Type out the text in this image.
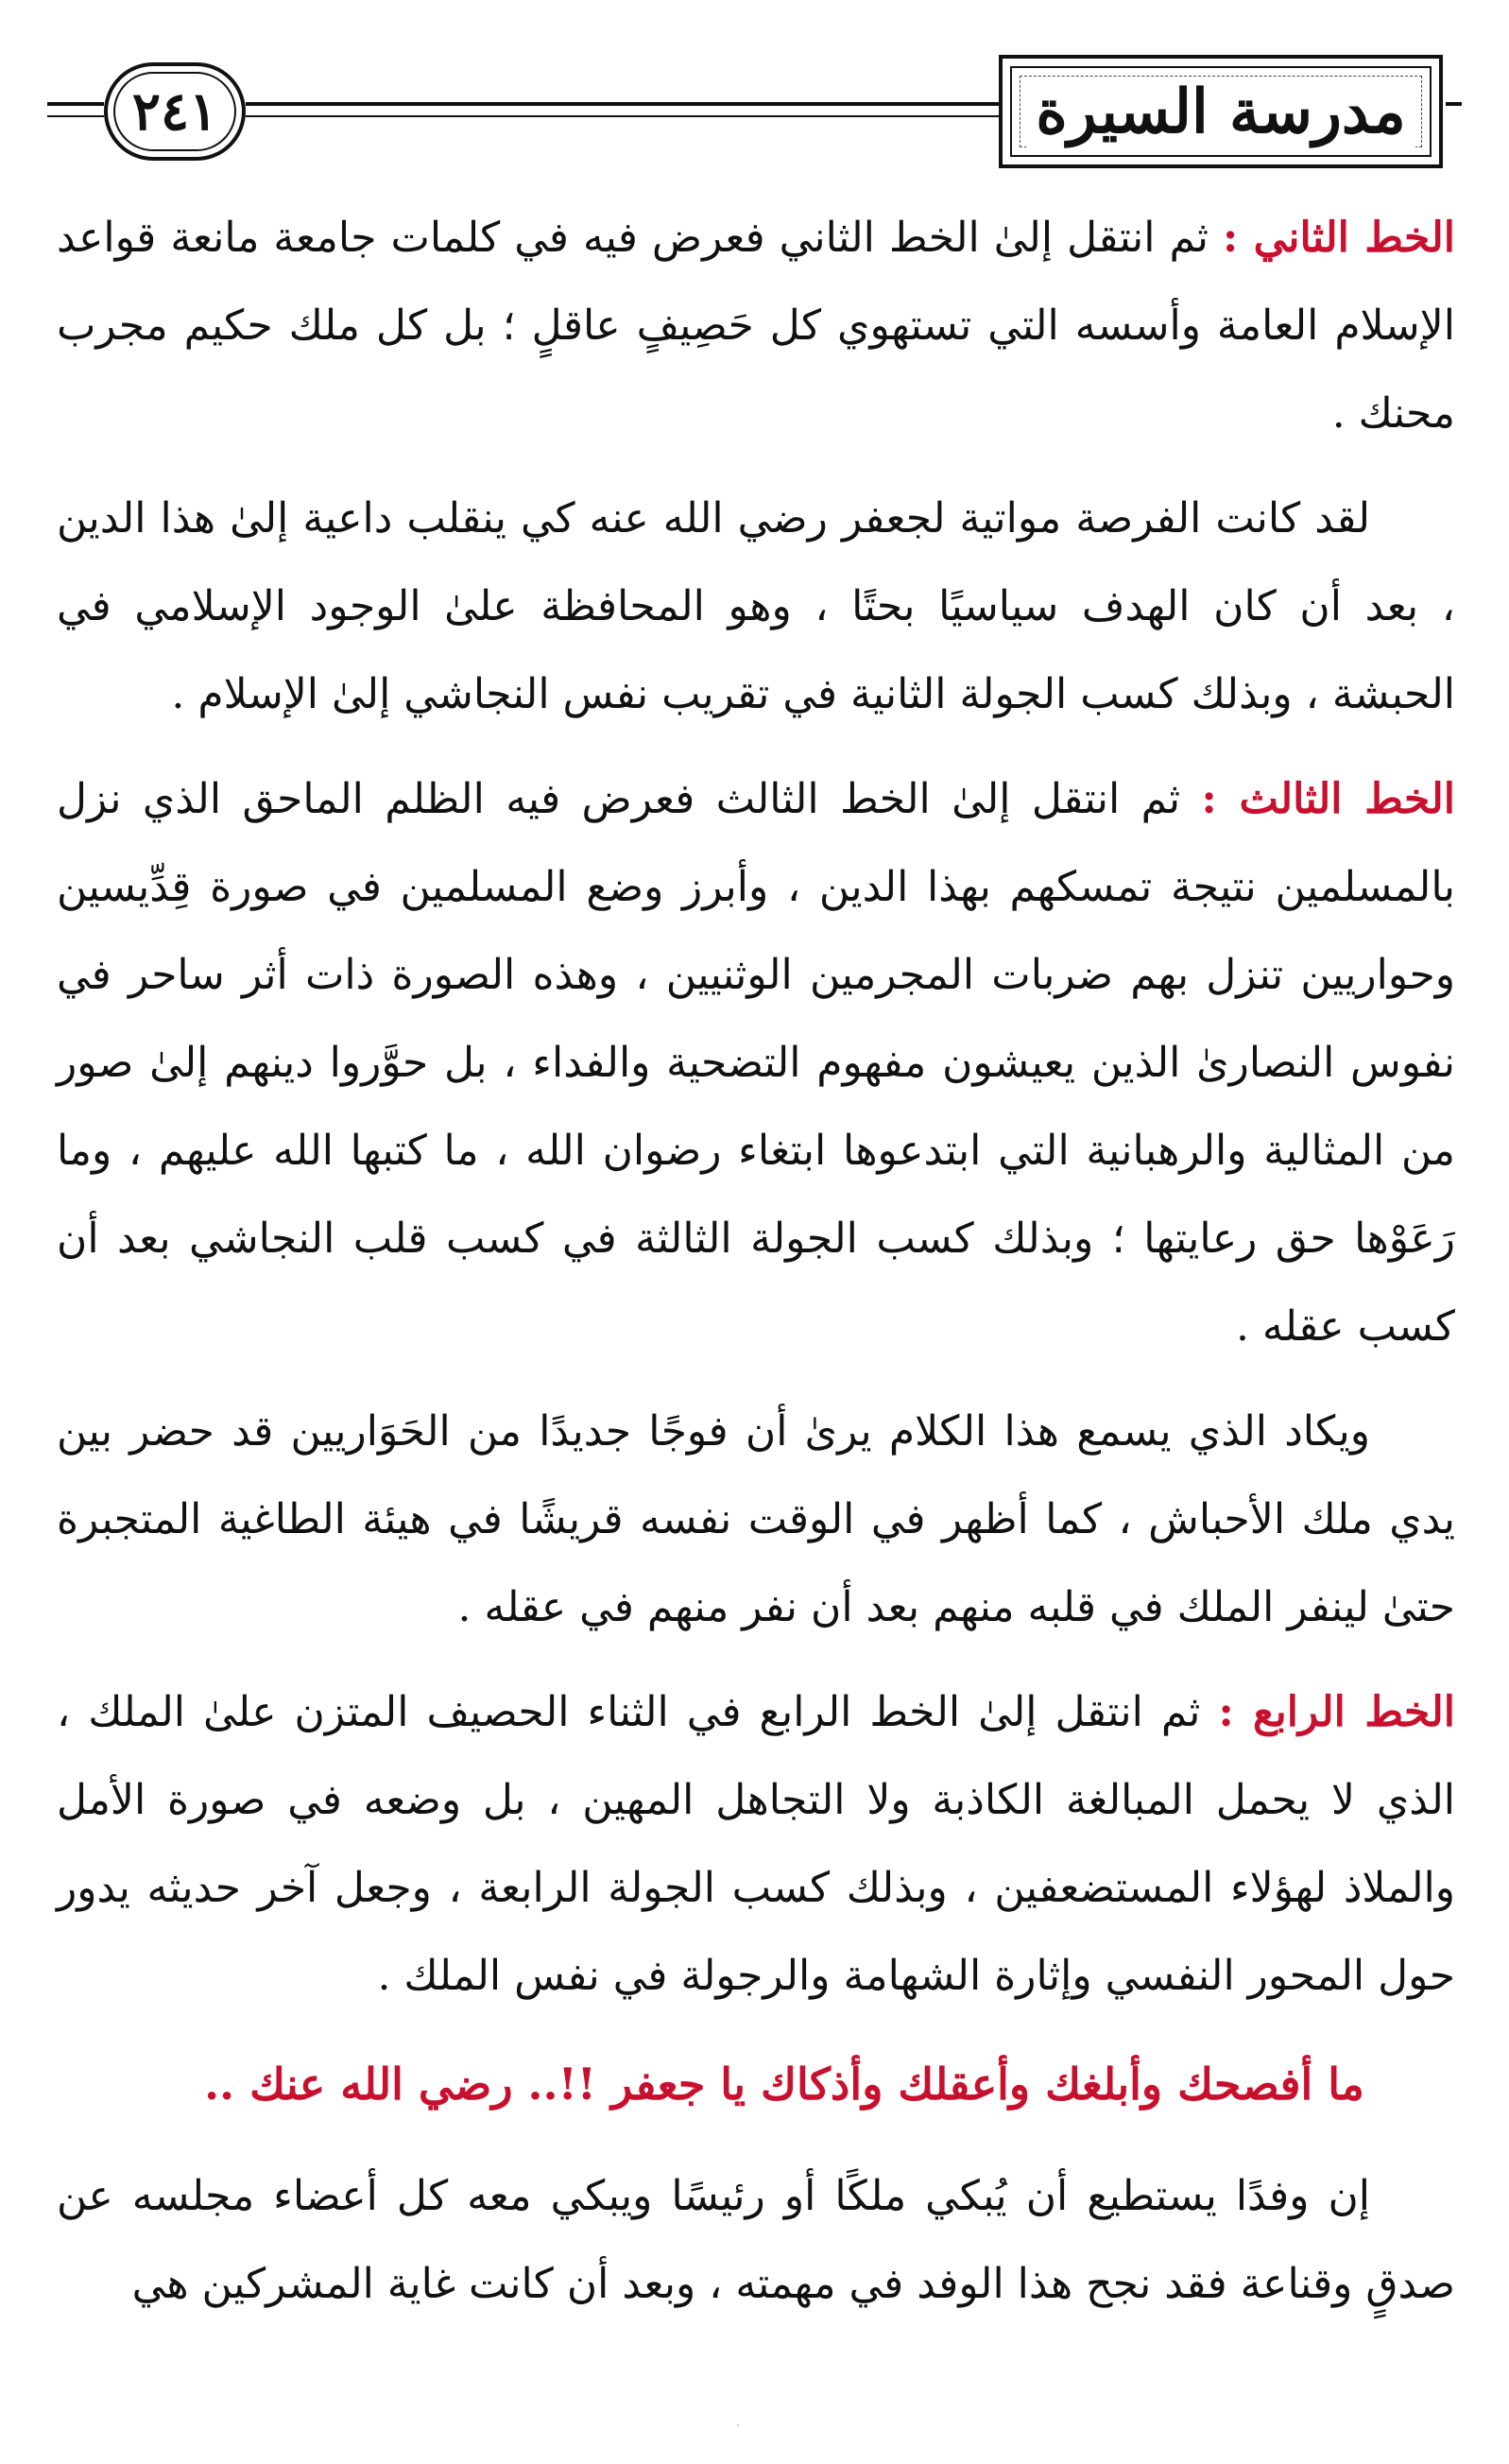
٢٤١	مدرسة السيرة

الخط الثاني : ثم انتقل إلىٰ الخط الثاني فعرض فيه في كلمات جامعة مانعة قواعد الإسلام العامة وأسسه التي تستهوي كل حَصِيفٍ عاقلٍ ؛ بل كل ملك حكيم مجرب محنك .

لقد كانت الفرصة مواتية لجعفر رضي الله عنه كي ينقلب داعية إلىٰ هذا الدين ، بعد أن كان الهدف سياسيًا بحتًا ، وهو المحافظة علىٰ الوجود الإسلامي في الحبشة ، وبذلك كسب الجولة الثانية في تقريب نفس النجاشي إلىٰ الإسلام .

الخط الثالث : ثم انتقل إلىٰ الخط الثالث فعرض فيه الظلم الماحق الذي نزل بالمسلمين نتيجة تمسكهم بهذا الدين ، وأبرز وضع المسلمين في صورة قِدِّيسين وحواريين تنزل بهم ضربات المجرمين الوثنيين ، وهذه الصورة ذات أثر ساحر في نفوس النصارىٰ الذين يعيشون مفهوم التضحية والفداء ، بل حوَّروا دينهم إلىٰ صور من المثالية والرهبانية التي ابتدعوها ابتغاء رضوان الله ، ما كتبها الله عليهم ، وما رَعَوْها حق رعايتها ؛ وبذلك كسب الجولة الثالثة في كسب قلب النجاشي بعد أن كسب عقله .

ويكاد الذي يسمع هذا الكلام يرىٰ أن فوجًا جديدًا من الحَوَاريين قد حضر بين يدي ملك الأحباش ، كما أظهر في الوقت نفسه قريشًا في هيئة الطاغية المتجبرة حتىٰ لينفر الملك في قلبه منهم بعد أن نفر منهم في عقله .

الخط الرابع : ثم انتقل إلىٰ الخط الرابع في الثناء الحصيف المتزن علىٰ الملك ، الذي لا يحمل المبالغة الكاذبة ولا التجاهل المهين ، بل وضعه في صورة الأمل والملاذ لهؤلاء المستضعفين ، وبذلك كسب الجولة الرابعة ، وجعل آخر حديثه يدور حول المحور النفسي وإثارة الشهامة والرجولة في نفس الملك .

ما أفصحك وأبلغك وأعقلك وأذكاك يا جعفر !!.. رضي الله عنك ..

إن وفدًا يستطيع أن يُبكي ملكًا أو رئيسًا ويبكي معه كل أعضاء مجلسه عن صدقٍ وقناعة فقد نجح هذا الوفد في مهمته ، وبعد أن كانت غاية المشركين هي
